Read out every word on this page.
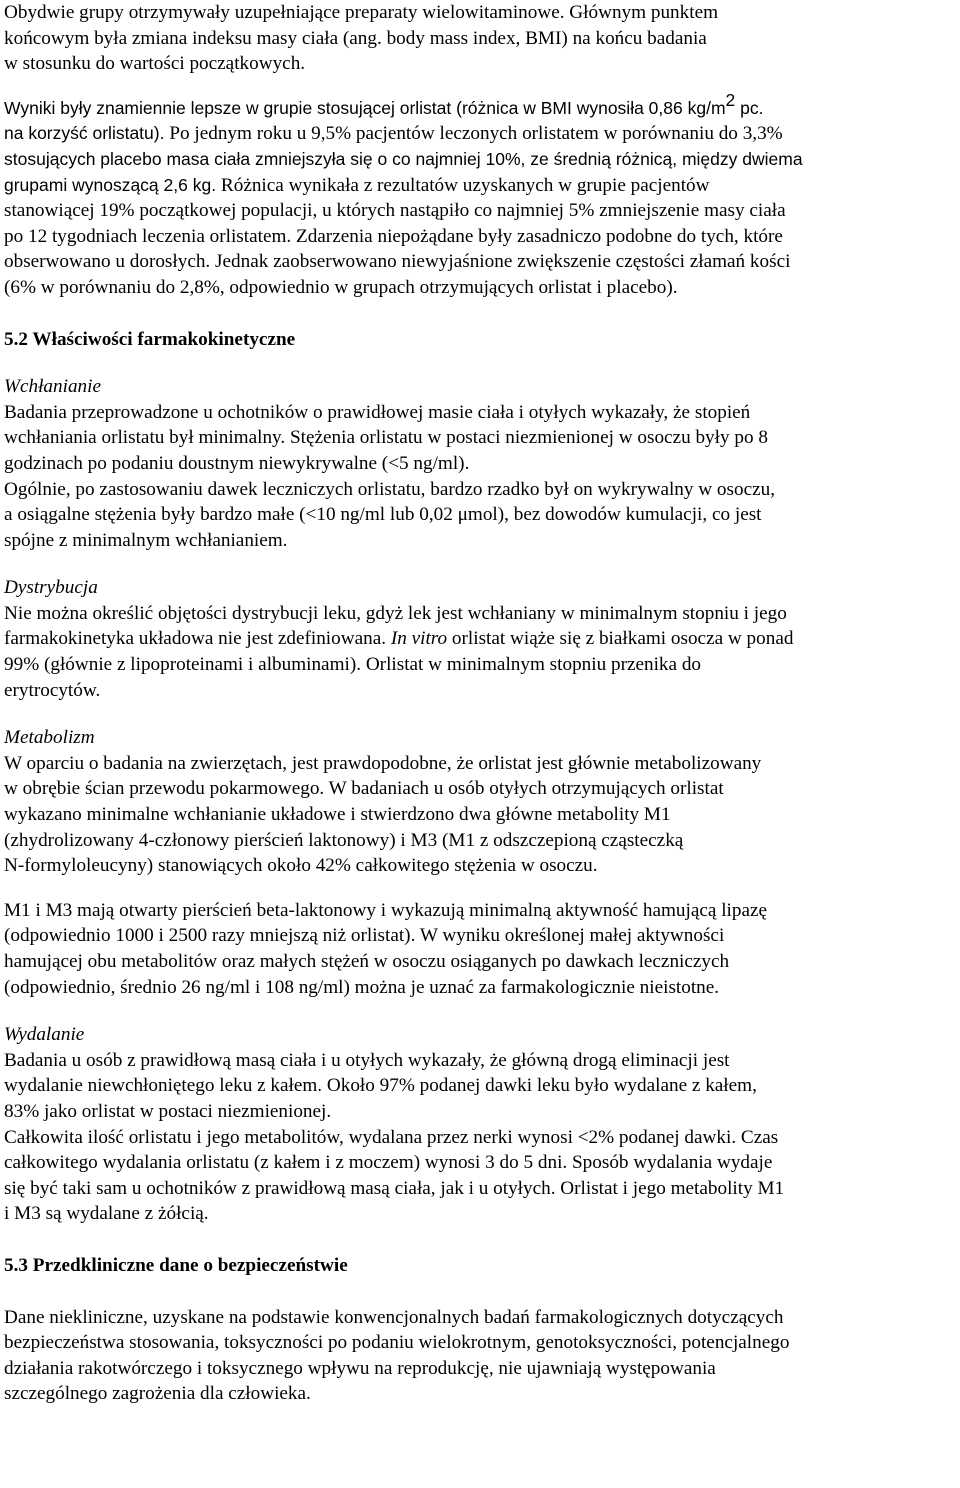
Obydwie grupy otrzymywały uzupełniające preparaty wielowitaminowe. Głównym punktem
końcowym była zmiana indeksu masy ciała (ang. body mass index, BMI) na końcu badania
w stosunku do wartości początkowych.
Wyniki były znamiennie lepsze w grupie stosującej orlistat (różnica w BMI wynosiła 0,86 $kg/m^2$ pc.
na korzyść orlistatu). Po jednym roku u 9,5% pacjentów leczonych orlistatem w porównaniu do 3,3%
stosujących placebo masa ciała zmniejszyła się o co najmniej 10%, ze średnią różnicą, między dwiema
grupami wynoszącą 2,6 kg. Różnica wynikała z rezultatów uzyskanych w grupie pacjentów
stanowiącej 19% początkowej populacji, u których nastąpiło co najmniej 5% zmniejszenie masy ciała
po 12 tygodniach leczenia orlistatem. Zdarzenia niepożądane były zasadniczo podobne do tych, które
obserwowano u dorosłych. Jednak zaobserwowano niewyjaśnione zwiększenie częstości złamań kości
(6% w porównaniu do 2,8%, odpowiednio w grupach otrzymujących orlistat i placebo).
5.2 Właściwości farmakokinetyczne
Wchłanianie
Badania przeprowadzone u ochotników o prawidłowej masie ciała i otyłych wykazały, że stopień
wchłaniania orlistatu był minimalny. Stężenia orlistatu w postaci niezmienionej w osoczu były po 8
godzinach po podaniu doustnym niewykrywalne (<5 ng/ml).
Ogólnie, po zastosowaniu dawek leczniczych orlistatu, bardzo rzadko był on wykrywalny w osoczu,
a osiągalne stężenia były bardzo małe (<10 ng/ml lub 0,02 μmol), bez dowodów kumulacji, co jest
spójne z minimalnym wchłanianiem.
Dystrybucja
Nie można określić objętości dystrybucji leku, gdyż lek jest wchłaniany w minimalnym stopniu i jego
farmakokinetyka układowa nie jest zdefiniowana. In vitro orlistat wiąże się z białkami osocza w ponad
99% (głównie z lipoproteinami i albuminami). Orlistat w minimalnym stopniu przenika do
erytrocytów.
Metabolizm
W oparciu o badania na zwierzętach, jest prawdopodobne, że orlistat jest głównie metabolizowany
w obrębie ścian przewodu pokarmowego. W badaniach u osób otyłych otrzymujących orlistat
wykazano minimalne wchłanianie układowe i stwierdzono dwa główne metabolity M1
(zhydrolizowany 4-członowy pierścień laktonowy) i M3 (M1 z odszczepioną cząsteczką
N-formyloleucyny) stanowiących około 42% całkowitego stężenia w osoczu.
M1 i M3 mają otwarty pierścień beta-laktonowy i wykazują minimalną aktywność hamującą lipazę
(odpowiednio 1000 i 2500 razy mniejszą niż orlistat). W wyniku określonej małej aktywności
hamującej obu metabolitów oraz małych stężeń w osoczu osiąganych po dawkach leczniczych
(odpowiednio, średnio 26 ng/ml i 108 ng/ml) można je uznać za farmakologicznie nieistotne.
Wydalanie
Badania u osób z prawidłową masą ciała i u otyłych wykazały, że główną drogą eliminacji jest
wydalanie niewchłoniętego leku z kałem. Około 97% podanej dawki leku było wydalane z kałem,
83% jako orlistat w postaci niezmienionej.
Całkowita ilość orlistatu i jego metabolitów, wydalana przez nerki wynosi <2% podanej dawki. Czas
całkowitego wydalania orlistatu (z kałem i z moczem) wynosi 3 do 5 dni. Sposób wydalania wydaje
się być taki sam u ochotników z prawidłową masą ciała, jak i u otyłych. Orlistat i jego metabolity M1
i M3 są wydalane z żółcią.
5.3 Przedkliniczne dane o bezpieczeństwie
Dane niekliniczne, uzyskane na podstawie konwencjonalnych badań farmakologicznych dotyczących
bezpieczeństwa stosowania, toksyczności po podaniu wielokrotnym, genotoksyczności, potencjalnego
działania rakotwórczego i toksycznego wpływu na reprodukcję, nie ujawniają występowania
szczególnego zagrożenia dla człowieka.
